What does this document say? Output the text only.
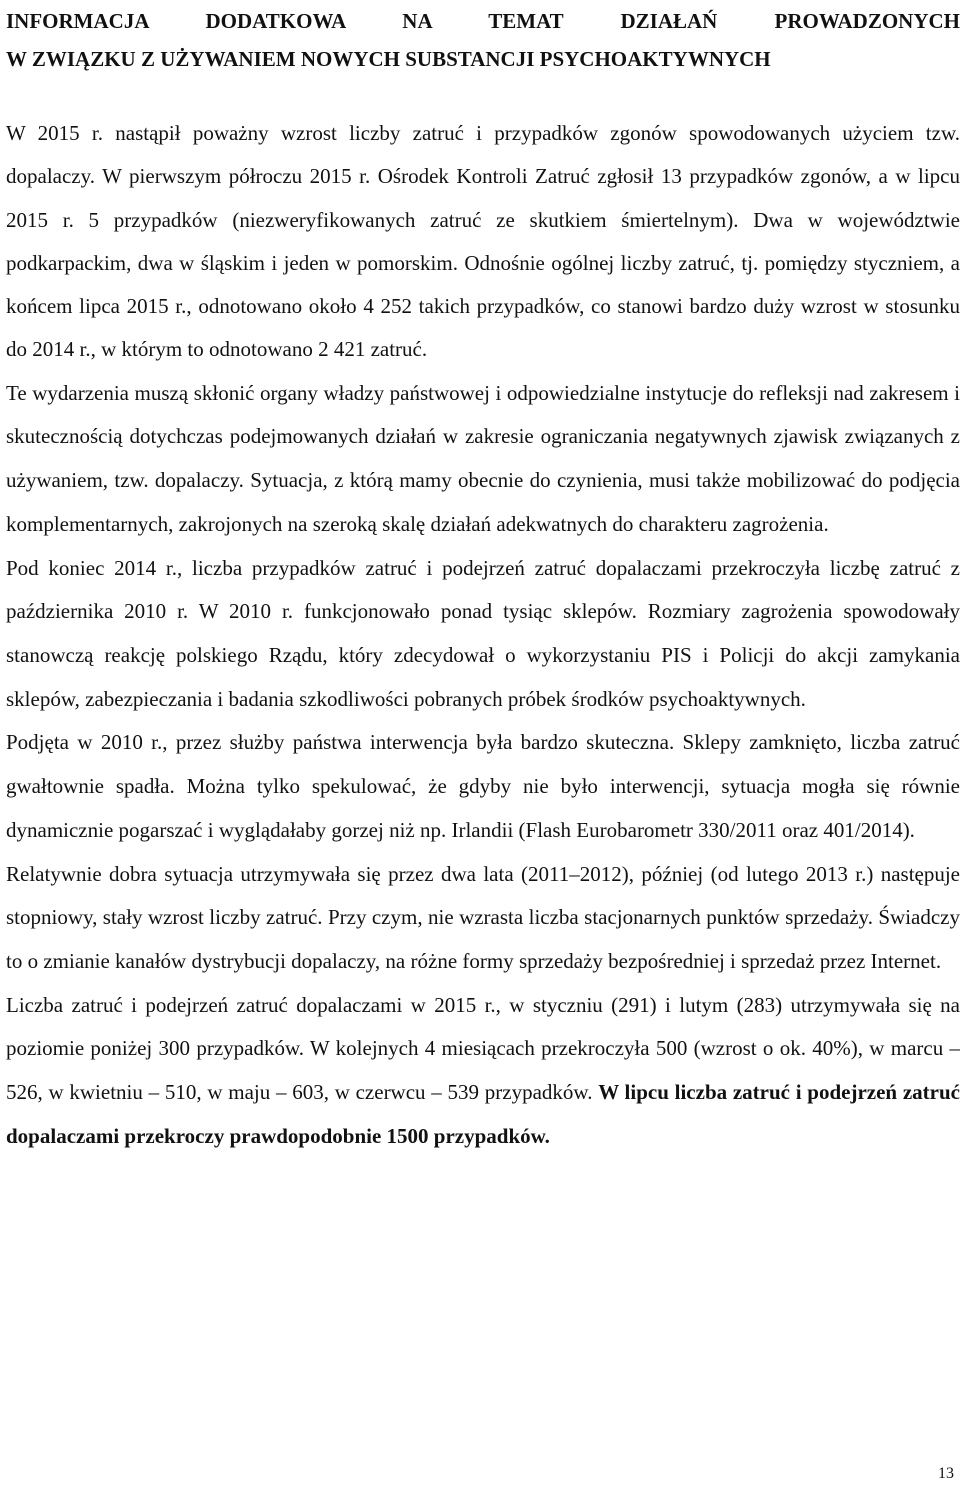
INFORMACJA DODATKOWA NA TEMAT DZIAŁAŃ PROWADZONYCH
W ZWIĄZKU Z UŻYWANIEM NOWYCH SUBSTANCJI PSYCHOAKTYWNYCH

W 2015 r. nastąpił poważny wzrost liczby zatruć i przypadków zgonów spowodowanych użyciem tzw. dopalaczy. W pierwszym półroczu 2015 r. Ośrodek Kontroli Zatruć zgłosił 13 przypadków zgonów, a w lipcu 2015 r. 5 przypadków (niezweryfikowanych zatruć ze skutkiem śmiertelnym). Dwa w województwie podkarpackim, dwa w śląskim i jeden w pomorskim. Odnośnie ogólnej liczby zatruć, tj. pomiędzy styczniem, a końcem lipca 2015 r., odnotowano około 4 252 takich przypadków, co stanowi bardzo duży wzrost w stosunku do 2014 r., w którym to odnotowano 2 421 zatruć.

Te wydarzenia muszą skłonić organy władzy państwowej i odpowiedzialne instytucje do refleksji nad zakresem i skutecznością dotychczas podejmowanych działań w zakresie ograniczania negatywnych zjawisk związanych z używaniem, tzw. dopalaczy. Sytuacja, z którą mamy obecnie do czynienia, musi także mobilizować do podjęcia komplementarnych, zakrojonych na szeroką skalę działań adekwatnych do charakteru zagrożenia.

Pod koniec 2014 r., liczba przypadków zatruć i podejrzeń zatruć dopalaczami przekroczyła liczbę zatruć z października 2010 r. W 2010 r. funkcjonowało ponad tysiąc sklepów. Rozmiary zagrożenia spowodowały stanowczą reakcję polskiego Rządu, który zdecydował o wykorzystaniu PIS i Policji do akcji zamykania sklepów, zabezpieczania i badania szkodliwości pobranych próbek środków psychoaktywnych.

Podjęta w 2010 r., przez służby państwa interwencja była bardzo skuteczna. Sklepy zamknięto, liczba zatruć gwałtownie spadła. Można tylko spekulować, że gdyby nie było interwencji, sytuacja mogła się równie dynamicznie pogarszać i wyglądałaby gorzej niż np. Irlandii (Flash Eurobarometr 330/2011 oraz 401/2014).

Relatywnie dobra sytuacja utrzymywała się przez dwa lata (2011–2012), później (od lutego 2013 r.) następuje stopniowy, stały wzrost liczby zatruć. Przy czym, nie wzrasta liczba stacjonarnych punktów sprzedaży. Świadczy to o zmianie kanałów dystrybucji dopalaczy, na różne formy sprzedaży bezpośredniej i sprzedaż przez Internet.

Liczba zatruć i podejrzeń zatruć dopalaczami w 2015 r., w styczniu (291) i lutym (283) utrzymywała się na poziomie poniżej 300 przypadków. W kolejnych 4 miesiącach przekroczyła 500 (wzrost o ok. 40%), w marcu – 526, w kwietniu – 510, w maju – 603, w czerwcu – 539 przypadków. W lipcu liczba zatruć i podejrzeń zatruć dopalaczami przekroczy prawdopodobnie 1500 przypadków.

13
